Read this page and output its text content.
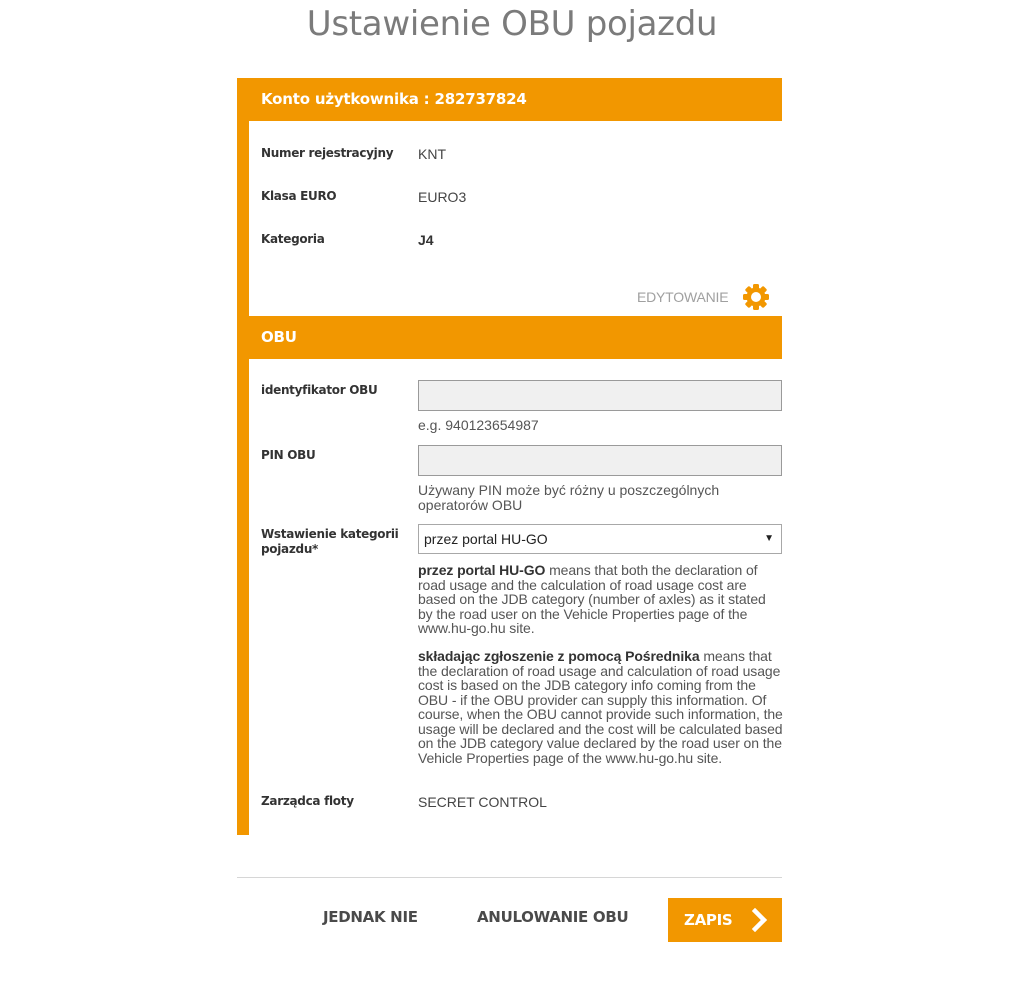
Ustawienie OBU pojazdu
Konto użytkownika : 282737824
Numer rejestracyjny KNT
Klasa EURO	EURO3
Kategoria	J4
EDYTOWANIE
OBU
identyfikator OBU
e.g. 940123654987
PIN OBU
Używany PIN może być różny u poszczególnych operatorów OBU
Wstawienie kategorii pojazdu*
przez portal HU-GO	▼
przez portal HU-GO means that both the declaration of road usage and the calculation of road usage cost are based on the JDB category (number of axles) as it stated by the road user on the Vehicle Properties page of the www.hu-go.hu site.
składając zgłoszenie z pomocą Pośrednika means that the declaration of road usage and calculation of road usage cost is based on the JDB category info coming from the OBU - if the OBU provider can supply this information. Of course, when the OBU cannot provide such information, the usage will be declared and the cost will be calculated based on the JDB category value declared by the road user on the Vehicle Properties page of the www.hu-go.hu site.
Zarządca floty	SECRET CONTROL
JEDNAK NIE	ANULOWANIE OBU	ZAPIS
